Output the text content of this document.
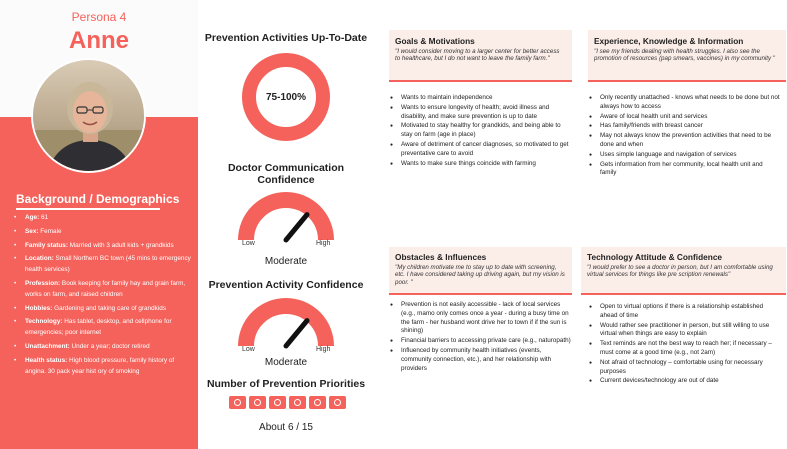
Persona 4
Anne
Background / Demographics
• Age: 61
• Sex: Female
• Family status: Married with 3 adult kids + grandkids
• Location: Small Northern BC town (45 mins to emergency health services)
• Profession: Book keeping for family hay and grain farm, works on farm, and raised children
• Hobbies: Gardening and taking care of grandkids
• Technology: Has tablet, desktop, and cellphone for emergencies; poor internet
• Unattachment: Under a year; doctor retired
• Health status: High blood pressure, family history of angina. 30 pack year hist ory of smoking
Prevention Activities Up-To-Date
75-100%
Doctor Communication Confidence
Low	High
Moderate
Prevention Activity Confidence
Low	High
Moderate
Number of Prevention Priorities
About 6 / 15
Goals & Motivations
"I would consider moving to a larger center for better access to healthcare, but I do not want to leave the family farm."
● Wants to maintain independence
● Wants to ensure longevity of health; avoid illness and disability, and make sure prevention is up to date
● Motivated to stay healthy for grandkids, and being able to stay on farm (age in place)
● Aware of detriment of cancer diagnoses, so motivated to get preventative care to avoid
● Wants to make sure things coincide with farming
Experience, Knowledge & Information
"I see my friends dealing with health struggles. I also see the promotion of resources (pap smears, vaccines) in my community "
● Only recently unattached - knows what needs to be done but not always how to access
● Aware of local health unit and services
● Has family/friends with breast cancer
● May not always know the prevention activities that need to be done and when
● Uses simple language and navigation of services
● Gets information from her community, local health unit and family
Obstacles & Influences
"My children motivate me to stay up to date with screening, etc. I have considered taking up driving again, but my vision is poor. "
● Prevention is not easily accessible - lack of local services (e.g., mamo only comes once a year - during a busy time on the farm - her husband wont drive her to town if if the sun is shining)
● Financial barriers to accessing private care (e.g., naturopath)
● Influenced by community health initiatives (events, community connection, etc.), and her relationship with providers
Technology Attitude & Confidence
"I would prefer to see a doctor in person, but I am comfortable using virtual services for things like pre scription renewals"
● Open to virtual options if there is a relationship established ahead of time
● Would rather see practitioner in person, but still willing to use virtual when things are easy to explain
● Text reminds are not the best way to reach her; if necessary – must come at a good time (e.g., not 2am)
● Not afraid of technology – comfortable using for necessary purposes
● Current devices/technology are out of date
